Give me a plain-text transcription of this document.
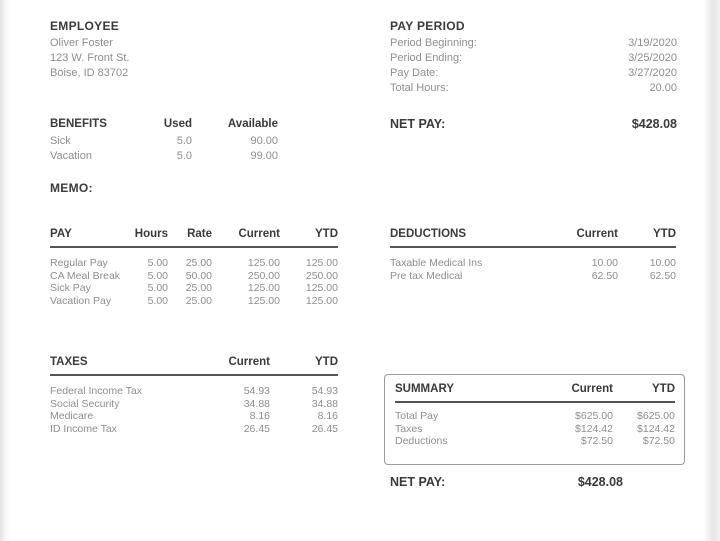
EMPLOYEE
Oliver Foster
123 W. Front St.
Boise, ID 83702
PAY PERIOD
Period Beginning:	3/19/2020
Period Ending:	3/25/2020
Pay Date:	3/27/2020
Total Hours:	20.00
BENEFITS	Used	Available
Sick	5.0	90.00
Vacation	5.0	99.00
NET PAY:	$428.08
MEMO:
PAY	Hours	Rate	Current	YTD
Regular Pay	5.00	25.00	125.00	125.00
CA Meal Break	5.00	50.00	250.00	250.00
Sick Pay	5.00	25.00	125.00	125.00
Vacation Pay	5.00	25.00	125.00	125.00
DEDUCTIONS	Current	YTD
Taxable Medical Ins	10.00	10.00
Pre tax Medical	62.50	62.50
TAXES	Current	YTD
Federal Income Tax	54.93	54.93
Social Security	34.88	34.88
Medicare	8.16	8.16
ID Income Tax	26.45	26.45
SUMMARY	Current	YTD
Total Pay	$625.00	$625.00
Taxes	$124.42	$124.42
Deductions	$72.50	$72.50
NET PAY:	$428.08
